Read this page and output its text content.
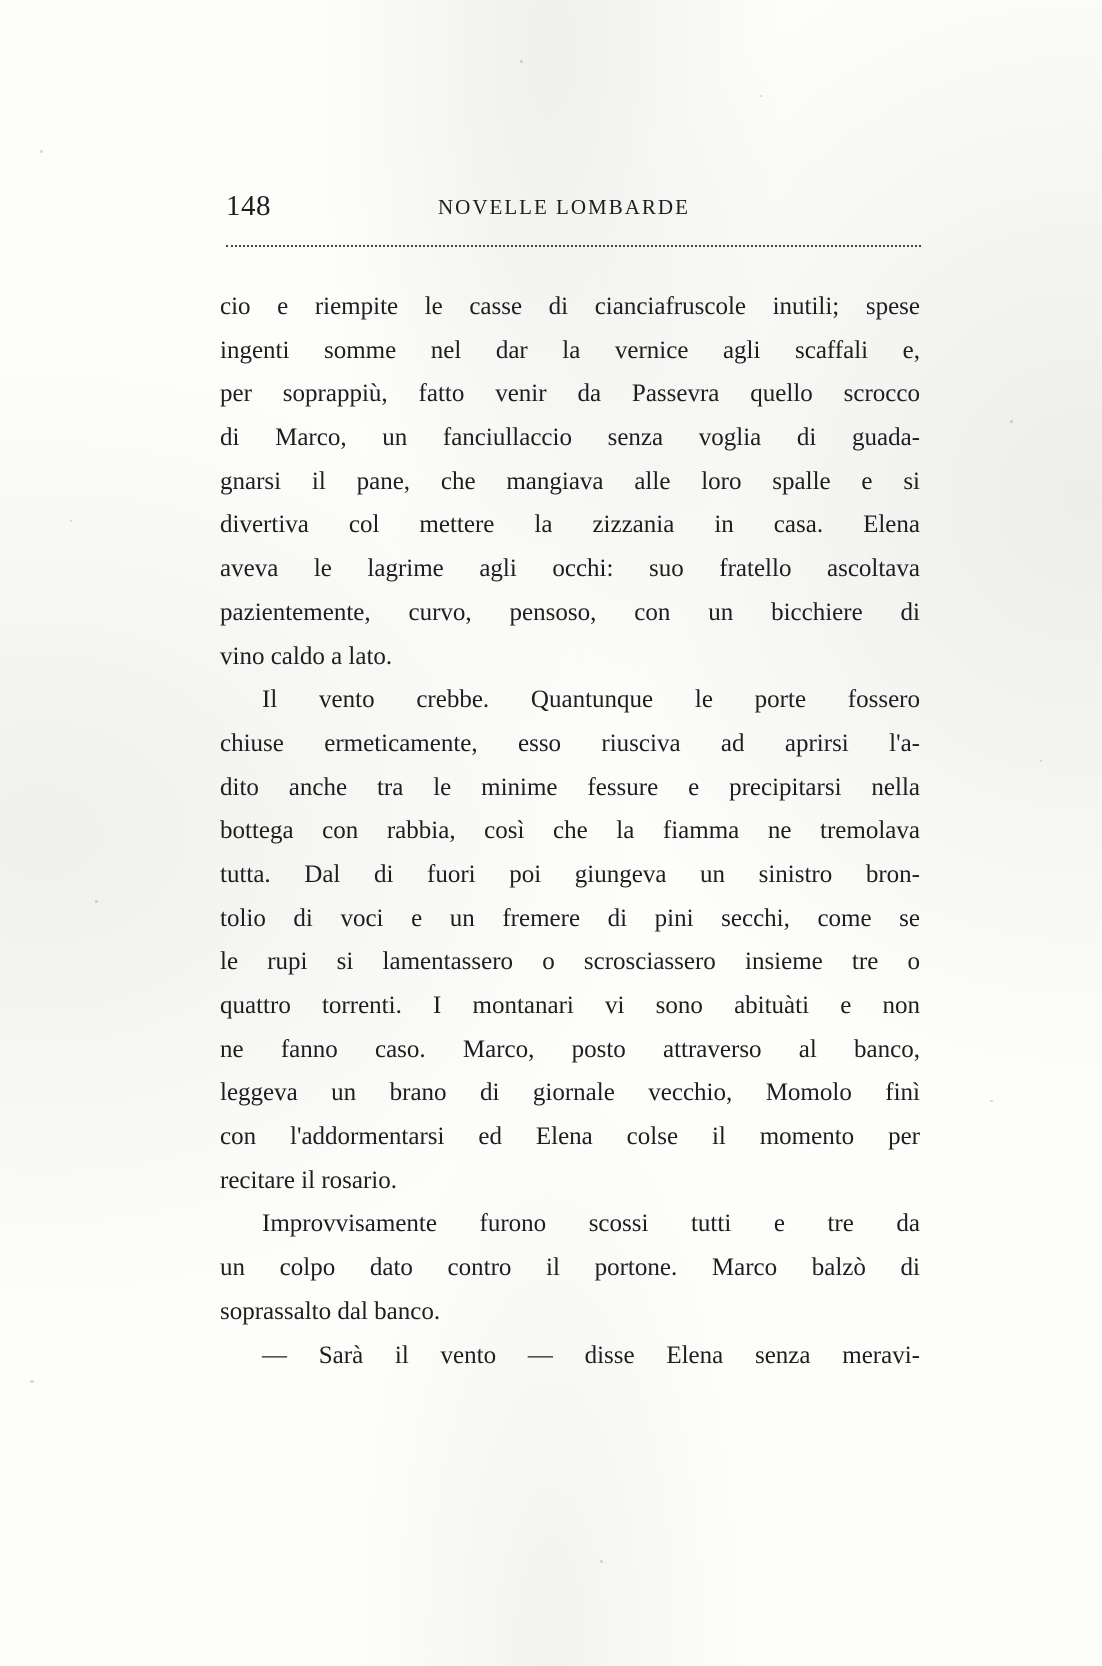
148	NOVELLE LOMBARDE
cio e riempite le casse di cianciafruscole inutili; spese
ingenti somme nel dar la vernice agli scaffali e,
per soprappiù, fatto venir da Passevra quello scrocco
di Marco, un fanciullaccio senza voglia di guada-
gnarsi il pane, che mangiava alle loro spalle e si
divertiva col mettere la zizzania in casa. Elena
aveva le lagrime agli occhi: suo fratello ascoltava
pazientemente, curvo, pensoso, con un bicchiere di
vino caldo a lato.
Il vento crebbe. Quantunque le porte fossero
chiuse ermeticamente, esso riusciva ad aprirsi l'a-
dito anche tra le minime fessure e precipitarsi nella
bottega con rabbia, così che la fiamma ne tremolava
tutta. Dal di fuori poi giungeva un sinistro bron-
tolio di voci e un fremere di pini secchi, come se
le rupi si lamentassero o scrosciassero insieme tre o
quattro torrenti. I montanari vi sono abituàti e non
ne fanno caso. Marco, posto attraverso al banco,
leggeva un brano di giornale vecchio, Momolo finì
con l'addormentarsi ed Elena colse il momento per
recitare il rosario.
Improvvisamente furono scossi tutti e tre da
un colpo dato contro il portone. Marco balzò di
soprassalto dal banco.
— Sarà il vento — disse Elena senza meravi-
